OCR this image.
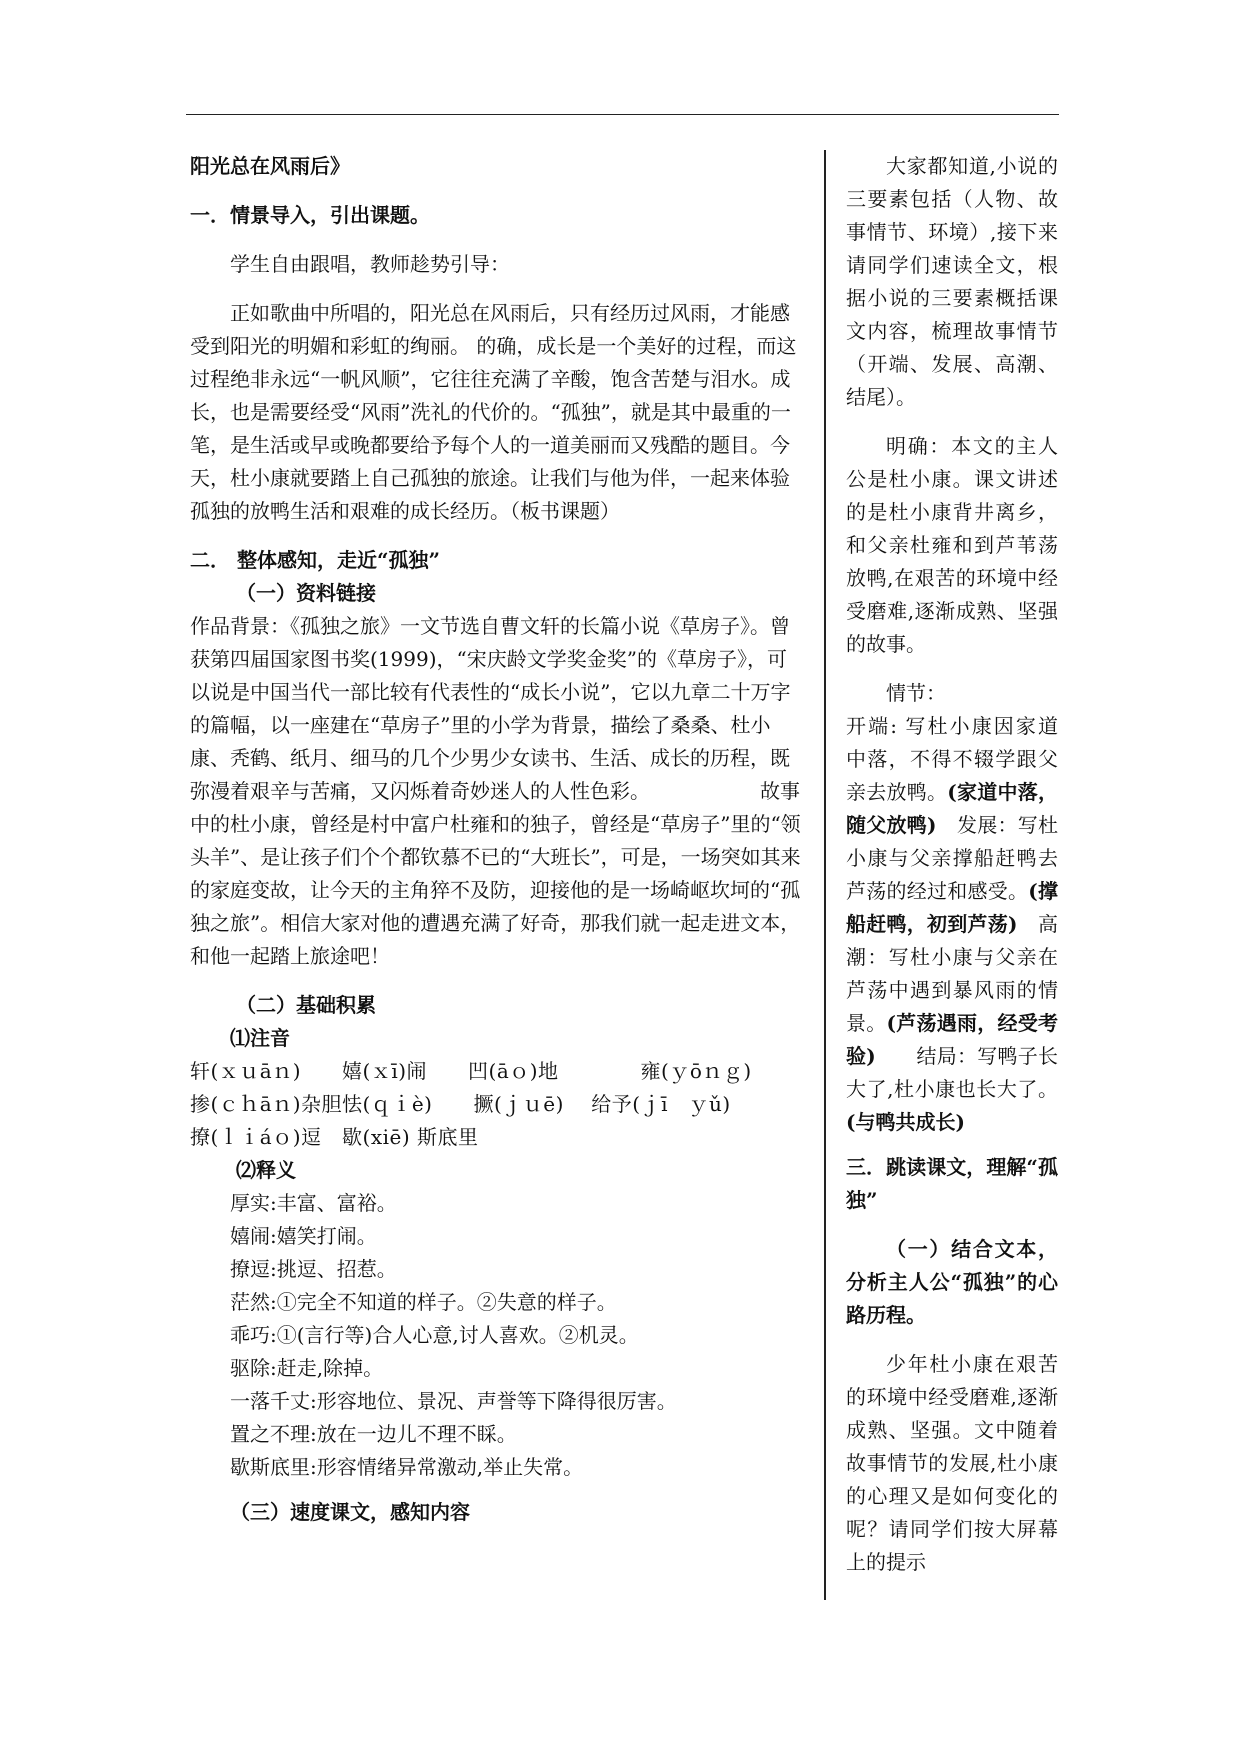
阳光总在风雨后》

一．情景导入，引出课题。

学生自由跟唱，教师趁势引导：

正如歌曲中所唱的，阳光总在风雨后，只有经历过风雨，才能感受到阳光的明媚和彩虹的绚丽。 的确，成长是一个美好的过程，而这过程绝非永远“一帆风顺”，它往往充满了辛酸，饱含苦楚与泪水。成长，也是需要经受“风雨”洗礼的代价的。“孤独”，就是其中最重的一笔，是生活或早或晚都要给予每个人的一道美丽而又残酷的题目。今天，杜小康就要踏上自己孤独的旅途。让我们与他为伴，一起来体验孤独的放鸭生活和艰难的成长经历。（板书课题）

二． 整体感知，走近“孤独”

（一）资料链接

作品背景：《孤独之旅》一文节选自曹文轩的长篇小说《草房子》。曾获第四届国家图书奖(1999)，“宋庆龄文学奖金奖”的《草房子》，可以说是中国当代一部比较有代表性的“成长小说”，它以九章二十万字的篇幅，以一座建在“草房子”里的小学为背景，描绘了桑桑、杜小康、秃鹤、纸月、细马的几个少男少女读书、生活、成长的历程，既弥漫着艰辛与苦痛，又闪烁着奇妙迷人的人性色彩。　　　　　　故事中的杜小康，曾经是村中富户杜雍和的独子，曾经是“草房子”里的“领头羊”、是让孩子们个个都钦慕不已的“大班长”，可是，一场突如其来的家庭变故，让今天的主角猝不及防，迎接他的是一场崎岖坎坷的“孤独之旅”。相信大家对他的遭遇充满了好奇，那我们就一起走进文本，和他一起踏上旅途吧！

（二）基础积累

⑴注音

轩(ｘｕāｎ)　　嬉(ｘī)闹　　凹(āｏ)地　　　　雍(ｙōｎｇ)

掺(ｃｈāｎ)杂胆怯(ｑｉè)　　撅(ｊｕē)　 给予(ｊī　ｙǔ)

撩(ｌｉáｏ)逗　歇(xiē) 斯底里

⑵释义

厚实:丰富、富裕。

嬉闹:嬉笑打闹。

撩逗:挑逗、招惹。

茫然:①完全不知道的样子。②失意的样子。

乖巧:①(言行等)合人心意,讨人喜欢。②机灵。

驱除:赶走,除掉。

一落千丈:形容地位、景况、声誉等下降得很厉害。

置之不理:放在一边儿不理不睬。

歇斯底里:形容情绪异常激动,举止失常。

（三）速度课文，感知内容

大家都知道,小说的三要素包括（人物、故事情节、环境）,接下来请同学们速读全文，根据小说的三要素概括课文内容，梳理故事情节（开端、发展、高潮、结尾）。

明确：本文的主人公是杜小康。课文讲述的是杜小康背井离乡，和父亲杜雍和到芦苇荡放鸭,在艰苦的环境中经受磨难,逐渐成熟、坚强的故事。

情节：

开端: 写杜小康因家道中落，不得不辍学跟父亲去放鸭。(家道中落，随父放鸭)　发展：写杜小康与父亲撑船赶鸭去芦荡的经过和感受。(撑船赶鸭，初到芦荡)　高潮：写杜小康与父亲在芦荡中遇到暴风雨的情景。(芦荡遇雨，经受考验)　　结局：写鸭子长大了,杜小康也长大了。(与鸭共成长)

三．跳读课文，理解“孤独”

（一）结合文本，分析主人公“孤独”的心路历程。

少年杜小康在艰苦的环境中经受磨难,逐渐成熟、坚强。文中随着故事情节的发展,杜小康的心理又是如何变化的呢？请同学们按大屏幕上的提示
